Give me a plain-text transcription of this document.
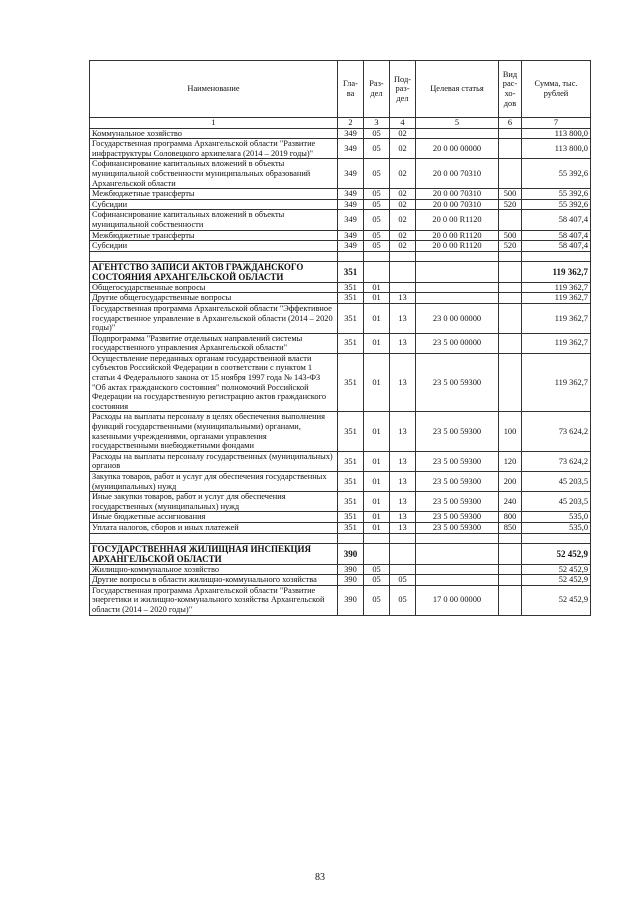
Наименование	Гла-ва	Раз-дел	Под-раз-дел	Целевая статья	Вид рас-хо-дов	Сумма, тыс. рублей
1	2	3	4	5	6	7
Коммунальное хозяйство	349	05	02			113 800,0
Государственная программа Архангельской области "Развитие инфраструктуры Соловецкого архипелага (2014 – 2019 годы)"	349	05	02	20 0 00 00000		113 800,0
Софинансирование капитальных вложений в объекты муниципальной собственности муниципальных образований Архангельской области	349	05	02	20 0 00 70310		55 392,6
Межбюджетные трансферты	349	05	02	20 0 00 70310	500	55 392,6
Субсидии	349	05	02	20 0 00 70310	520	55 392,6
Софинансирование капитальных вложений в объекты муниципальной собственности	349	05	02	20 0 00 R1120		58 407,4
Межбюджетные трансферты	349	05	02	20 0 00 R1120	500	58 407,4
Субсидии	349	05	02	20 0 00 R1120	520	58 407,4

АГЕНТСТВО ЗАПИСИ АКТОВ ГРАЖДАНСКОГО СОСТОЯНИЯ АРХАНГЕЛЬСКОЙ ОБЛАСТИ	351					119 362,7
Общегосударственные вопросы	351	01				119 362,7
Другие общегосударственные вопросы	351	01	13			119 362,7
Государственная программа Архангельской области "Эффективное государственное управление в Архангельской области (2014 – 2020 годы)"	351	01	13	23 0 00 00000		119 362,7
Подпрограмма "Развитие отдельных направлений системы государственного управления Архангельской области"	351	01	13	23 5 00 00000		119 362,7
Осуществление переданных органам государственной власти субъектов Российской Федерации в соответствии с пунктом 1 статьи 4 Федерального закона от 15 ноября 1997 года № 143-ФЗ "Об актах гражданского состояния" полномочий Российской Федерации на государственную регистрацию актов гражданского состояния	351	01	13	23 5 00 59300		119 362,7
Расходы на выплаты персоналу в целях обеспечения выполнения функций государственными (муниципальными) органами, казенными учреждениями, органами управления государственными внебюджетными фондами	351	01	13	23 5 00 59300	100	73 624,2
Расходы на выплаты персоналу государственных (муниципальных) органов	351	01	13	23 5 00 59300	120	73 624,2
Закупка товаров, работ и услуг для обеспечения государственных (муниципальных) нужд	351	01	13	23 5 00 59300	200	45 203,5
Иные закупки товаров, работ и услуг для обеспечения государственных (муниципальных) нужд	351	01	13	23 5 00 59300	240	45 203,5
Иные бюджетные ассигнования	351	01	13	23 5 00 59300	800	535,0
Уплата налогов, сборов и иных платежей	351	01	13	23 5 00 59300	850	535,0

ГОСУДАРСТВЕННАЯ ЖИЛИЩНАЯ ИНСПЕКЦИЯ АРХАНГЕЛЬСКОЙ ОБЛАСТИ	390					52 452,9
Жилищно-коммунальное хозяйство	390	05				52 452,9
Другие вопросы в области жилищно-коммунального хозяйства	390	05	05			52 452,9
Государственная программа Архангельской области "Развитие энергетики и жилищно-коммунального хозяйства Архангельской области (2014 – 2020 годы)"	390	05	05	17 0 00 00000		52 452,9
83
